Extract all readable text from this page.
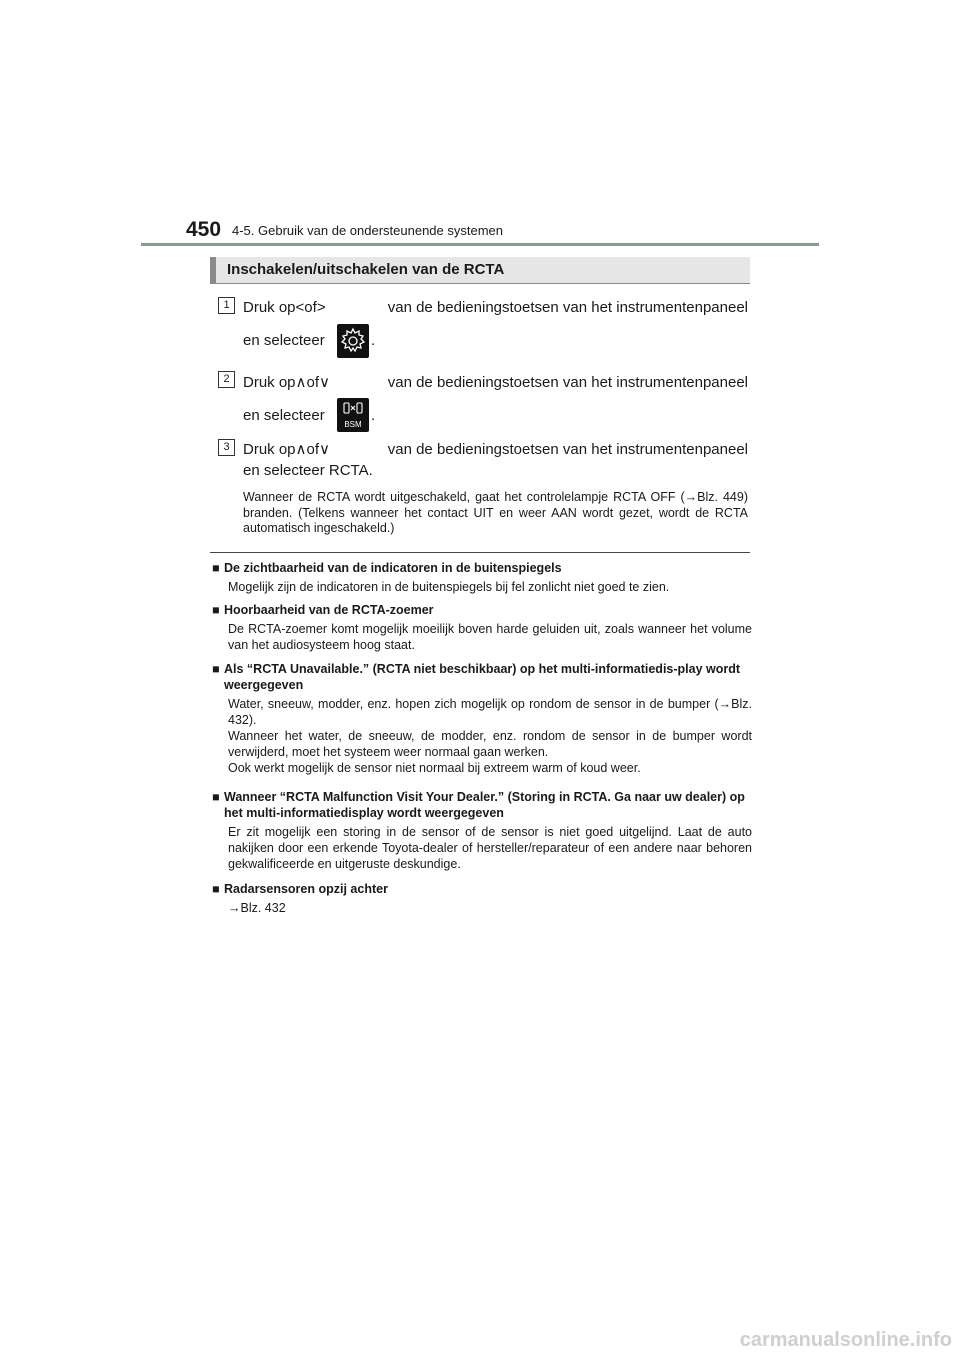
450 4-5. Gebruik van de ondersteunende systemen
Inschakelen/uitschakelen van de RCTA
1 Druk op < of >	van de bedieningstoetsen van het instrumentenpaneel
en selecteer	.
2 Druk op ∧ of ∨	van de bedieningstoetsen van het instrumentenpaneel
en selecteer
BSM
.
3 Druk op ∧ of ∨	van de bedieningstoetsen van het instrumentenpaneel
en selecteer RCTA.
Wanneer de RCTA wordt uitgeschakeld, gaat het controlelampje RCTA OFF (→Blz. 449) branden. (Telkens wanneer het contact UIT en weer AAN wordt gezet, wordt de RCTA automatisch ingeschakeld.)
■ De zichtbaarheid van de indicatoren in de buitenspiegels
Mogelijk zijn de indicatoren in de buitenspiegels bij fel zonlicht niet goed te zien.
■ Hoorbaarheid van de RCTA-zoemer
De RCTA-zoemer komt mogelijk moeilijk boven harde geluiden uit, zoals wanneer het volume van het audiosysteem hoog staat.
■ Als “RCTA Unavailable.” (RCTA niet beschikbaar) op het multi-informatiedis-play wordt weergegeven
Water, sneeuw, modder, enz. hopen zich mogelijk op rondom de sensor in de bumper (→Blz. 432).
Wanneer het water, de sneeuw, de modder, enz. rondom de sensor in de bumper wordt verwijderd, moet het systeem weer normaal gaan werken.
Ook werkt mogelijk de sensor niet normaal bij extreem warm of koud weer.
■ Wanneer “RCTA Malfunction Visit Your Dealer.” (Storing in RCTA. Ga naar uw dealer) op het multi-informatiedisplay wordt weergegeven
Er zit mogelijk een storing in de sensor of de sensor is niet goed uitgelijnd. Laat de auto nakijken door een erkende Toyota-dealer of hersteller/reparateur of een andere naar behoren gekwalificeerde en uitgeruste deskundige.
■ Radarsensoren opzij achter
→Blz. 432
carmanualsonline.info
